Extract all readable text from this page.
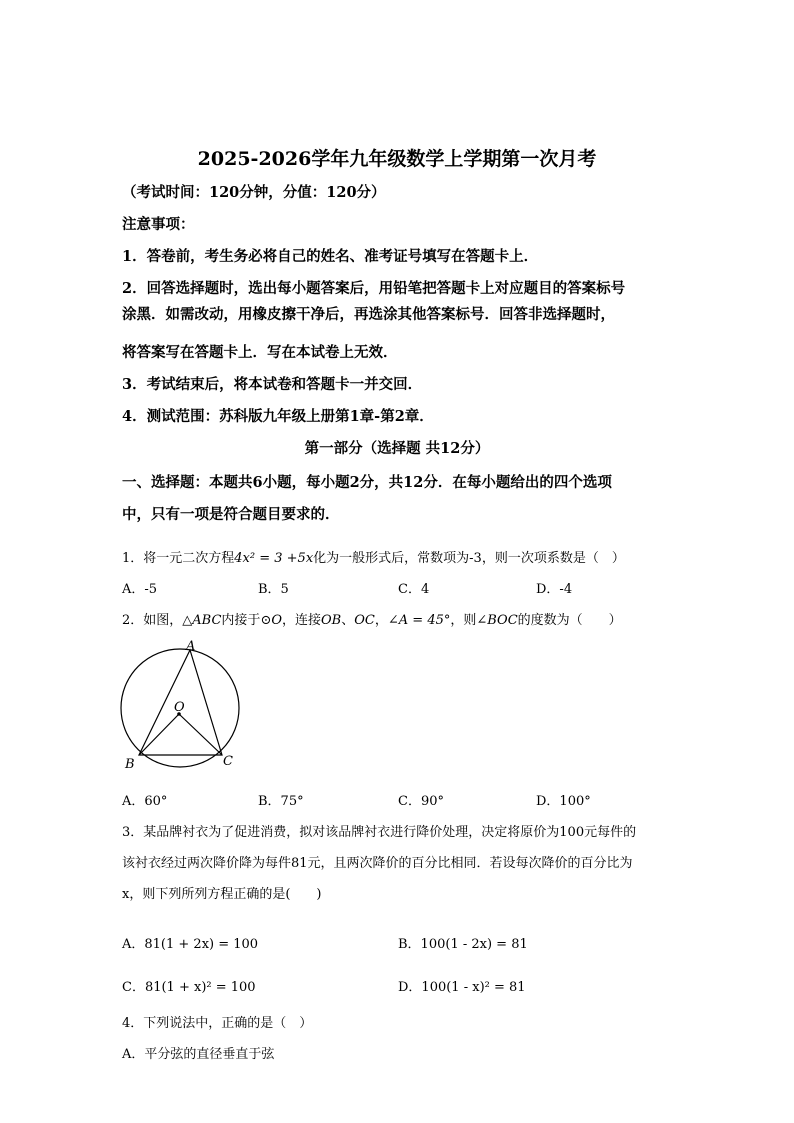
2025-2026学年九年级数学上学期第一次月考
（考试时间：120分钟，分值：120分）
注意事项：
1．答卷前，考生务必将自己的姓名、准考证号填写在答题卡上．
2．回答选择题时，选出每小题答案后，用铅笔把答题卡上对应题目的答案标号
涂黑．如需改动，用橡皮擦干净后，再选涂其他答案标号．回答非选择题时，
将答案写在答题卡上．写在本试卷上无效．
3．考试结束后，将本试卷和答题卡一并交回．
4．测试范围：苏科版九年级上册第1章-第2章．
第一部分（选择题 共12分）
一、选择题：本题共6小题，每小题2分，共12分．在每小题给出的四个选项
中，只有一项是符合题目要求的．
1．将一元二次方程4x² = 3 +5x化为一般形式后，常数项为-3，则一次项系数是（　）
A．-5	B．5	C．4	D．-4
2．如图，△ABC内接于⊙O，连接OB、OC，∠A = 45°，则∠BOC的度数为（　　）
A
O
B	C
A．60°	B．75°	C．90°	D．100°
3．某品牌衬衣为了促进消费，拟对该品牌衬衣进行降价处理，决定将原价为100元每件的
该衬衣经过两次降价降为每件81元，且两次降价的百分比相同．若设每次降价的百分比为
x，则下列所列方程正确的是(　　)
A．81(1 + 2x) = 100	B．100(1 - 2x) = 81
C．81(1 + x)² = 100	D．100(1 - x)² = 81
4．下列说法中，正确的是（　）
A．平分弦的直径垂直于弦
